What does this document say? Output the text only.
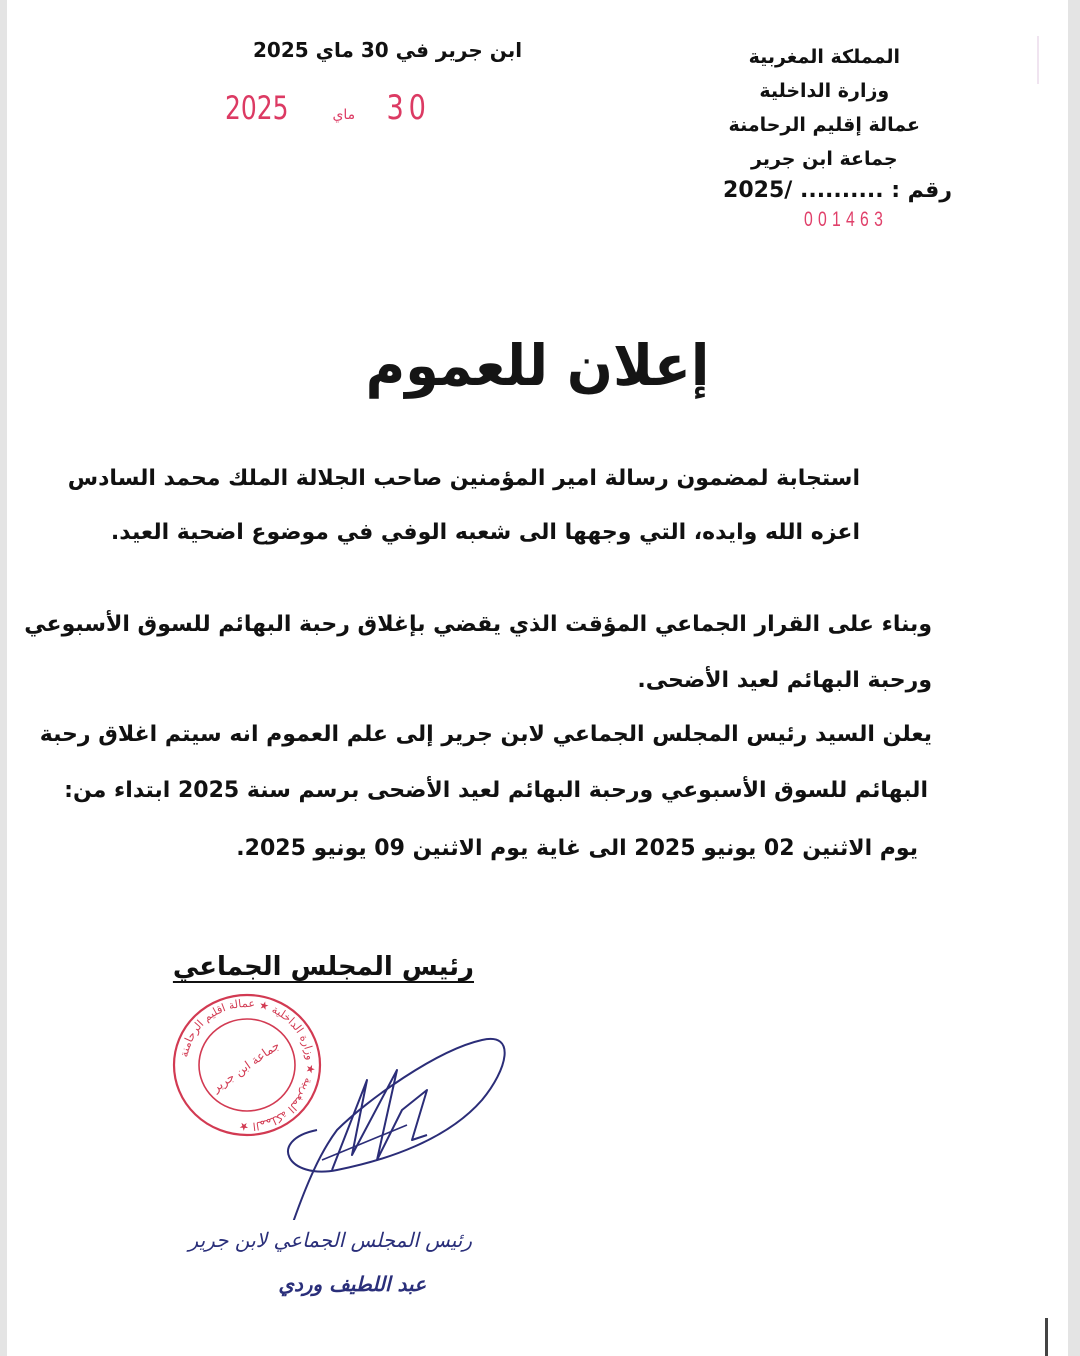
المملكة المغربية
وزارة الداخلية
عمالة إقليم الرحامنة
جماعة ابن جرير
رقم : .......... /2025
001463
ابن جرير في 30 ماي 2025
2025	ماي 30
إعلان للعموم
استجابة لمضمون رسالة امير المؤمنين صاحب الجلالة الملك محمد السادس
اعزه الله وايده، التي وجهها الى شعبه الوفي في موضوع اضحية العيد.
وبناء على القرار الجماعي المؤقت الذي يقضي بإغلاق رحبة البهائم للسوق الأسبوعي
ورحبة البهائم لعيد الأضحى.
يعلن السيد رئيس المجلس الجماعي لابن جرير إلى علم العموم انه سيتم اغلاق رحبة
البهائم للسوق الأسبوعي ورحبة البهائم لعيد الأضحى برسم سنة 2025 ابتداء من:
يوم الاثنين 02 يونيو 2025 الى غاية يوم الاثنين 09 يونيو 2025.
رئيس المجلس الجماعي
المملكة المغربية ★ وزارة الداخلية ★ عمالة اقليم الرحامنة ★
جماعة ابن جرير
رئيس المجلس الجماعي لابن جرير
عبد اللطيف وردي
